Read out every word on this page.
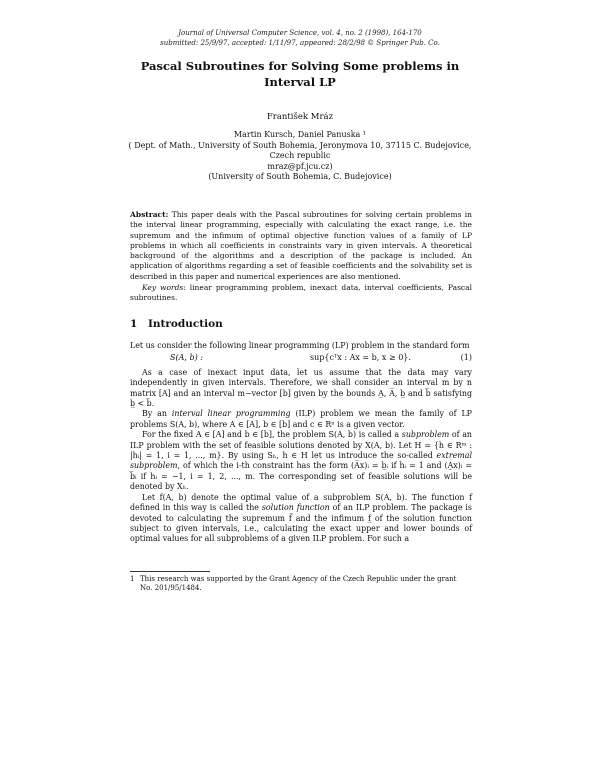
Journal of Universal Computer Science, vol. 4, no. 2 (1998), 164-170
submitted: 25/9/97, accepted: 1/11/97, appeared: 28/2/98 © Springer Pub. Co.
Pascal Subroutines for Solving Some problems in Interval LP
František Mráz
Martin Kursch, Daniel Panuska ¹
( Dept. of Math., University of South Bohemia, Jeronymova 10, 37115 C. Budejovice,
Czech republic
mraz@pf.jcu.cz)
(University of South Bohemia, C. Budejovice)

Abstract: This paper deals with the Pascal subroutines for solving certain problems in the interval linear programming, especially with calculating the exact range, i.e. the supremum and the infimum of optimal objective function values of a family of LP problems in which all coefficients in constraints vary in given intervals. A theoretical background of the algorithms and a description of the package is included. An application of algorithms regarding a set of feasible coefficients and the solvability set is described in this paper and numerical experiences are also mentioned.

Key words: linear programming problem, inexact data, interval coefficients, Pascal subroutines.

1 Introduction

Let us consider the following linear programming (LP) problem in the standard form

S(A, b) :	sup{cᵀx : Ax = b, x ≥ 0}.	(1)

As a case of inexact input data, let us assume that the data may vary independently in given intervals. Therefore, we shall consider an interval m by n matrix [A] and an interval m−vector [b] given by the bounds A̲, A̅, b̲ and b̅ satisfying b̲ < b̅.

By an interval linear programming (ILP) problem we mean the family of LP problems S(A, b), where A ∈ [A], b ∈ [b] and c ∈ Rⁿ is a given vector.

For the fixed A ∈ [A] and b ∈ [b], the problem S(A, b) is called a subproblem of an ILP problem with the set of feasible solutions denoted by X(A, b). Let H = {h ∈ Rᵐ : |hᵢ| = 1, i = 1, ..., m}. By using Sₕ, h ∈ H let us introduce the so-called extremal subproblem, of which the i-th constraint has the form (A̅x)ᵢ = b̲ᵢ if hᵢ = 1 and (A̲x)ᵢ = b̅ᵢ if hᵢ = −1, i = 1, 2, ..., m. The corresponding set of feasible solutions will be denoted by Xₕ.

Let f(A, b) denote the optimal value of a subproblem S(A, b). The function f defined in this way is called the solution function of an ILP problem. The package is devoted to calculating the supremum f̅ and the infimum f̲ of the solution function subject to given intervals, i.e., calculating the exact upper and lower bounds of optimal values for all subproblems of a given ILP problem. For such a

1 This research was supported by the Grant Agency of the Czech Republic under the grant No. 201/95/1484.
